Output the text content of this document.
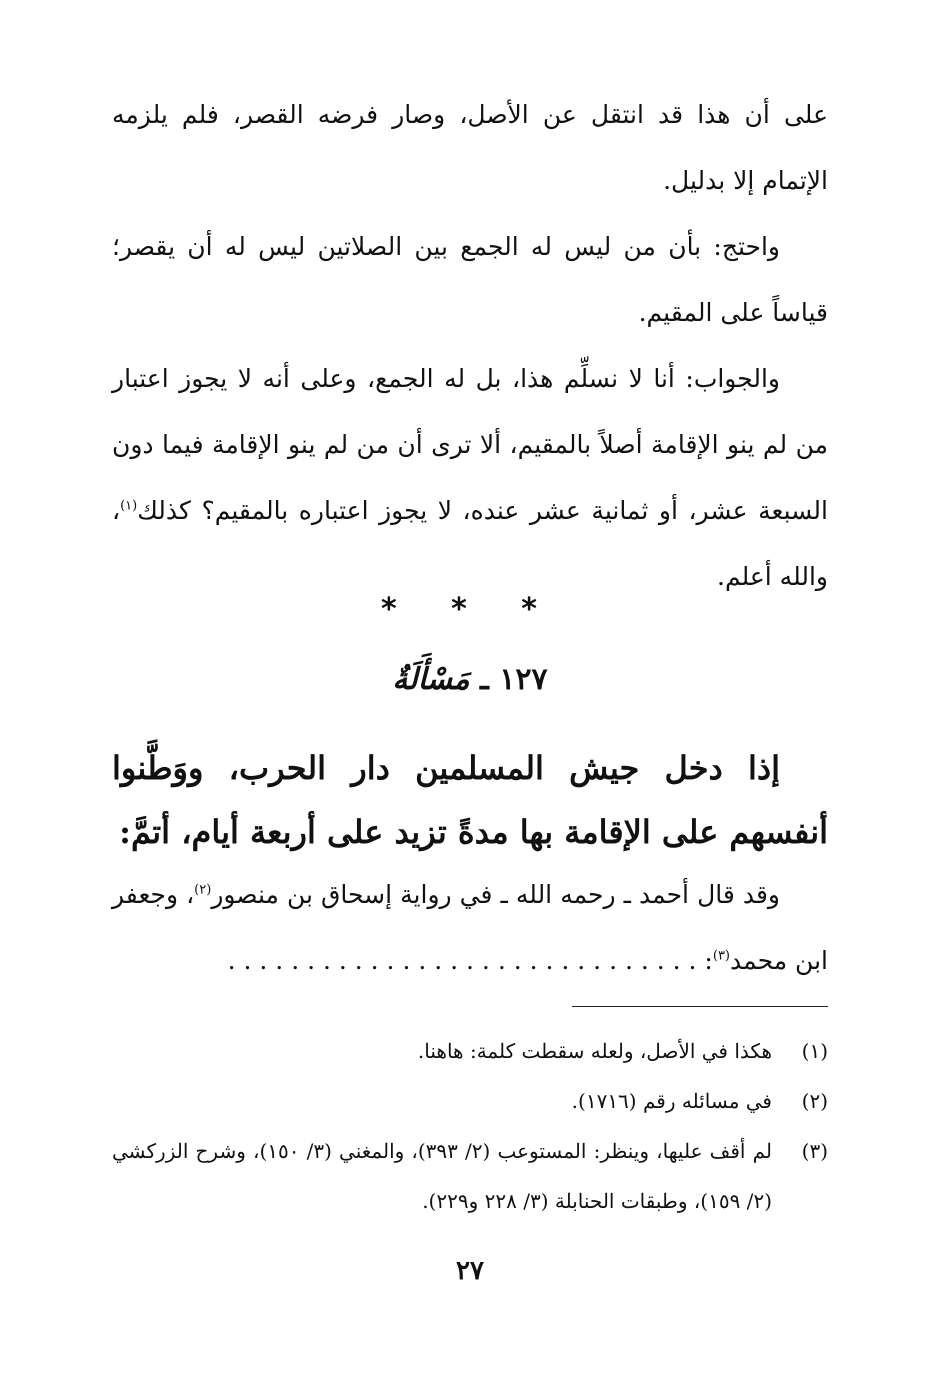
على أن هذا قد انتقل عن الأصل، وصار فرضه القصر، فلم يلزمه الإتمام إلا بدليل.

واحتج: بأن من ليس له الجمع بين الصلاتين ليس له أن يقصر؛ قياساً على المقيم.

والجواب: أنا لا نسلِّم هذا، بل له الجمع، وعلى أنه لا يجوز اعتبار من لم ينو الإقامة أصلاً بالمقيم، ألا ترى أن من لم ينو الإقامة فيما دون السبعة عشر، أو ثمانية عشر عنده، لا يجوز اعتباره بالمقيم؟ كذلك$^{(١)}$، والله أعلم.

* * *
١٢٧ ـ مَسْأَلَةٌ

إذا دخل جيش المسلمين دار الحرب، ووَطَّنوا أنفسهم على الإقامة بها مدةً تزيد على أربعة أيام، أتمَّ:

وقد قال أحمد ـ رحمه الله ـ في رواية إسحاق بن منصور$^{(٢)}$، وجعفر ابن محمد$^{(٣)}$: . . . . . . . . . . . . . . . . . . . . . . . . . . . . . .

(١)
هكذا في الأصل، ولعله سقطت كلمة: هاهنا.
(٢)
في مسائله رقم (١٧١٦).
(٣)
لم أقف عليها، وينظر: المستوعب (٢/ ٣٩٣)، والمغني (٣/ ١٥٠)، وشرح الزركشي (٢/ ١٥٩)، وطبقات الحنابلة (٣/ ٢٢٨ و٢٢٩).
٢٧
